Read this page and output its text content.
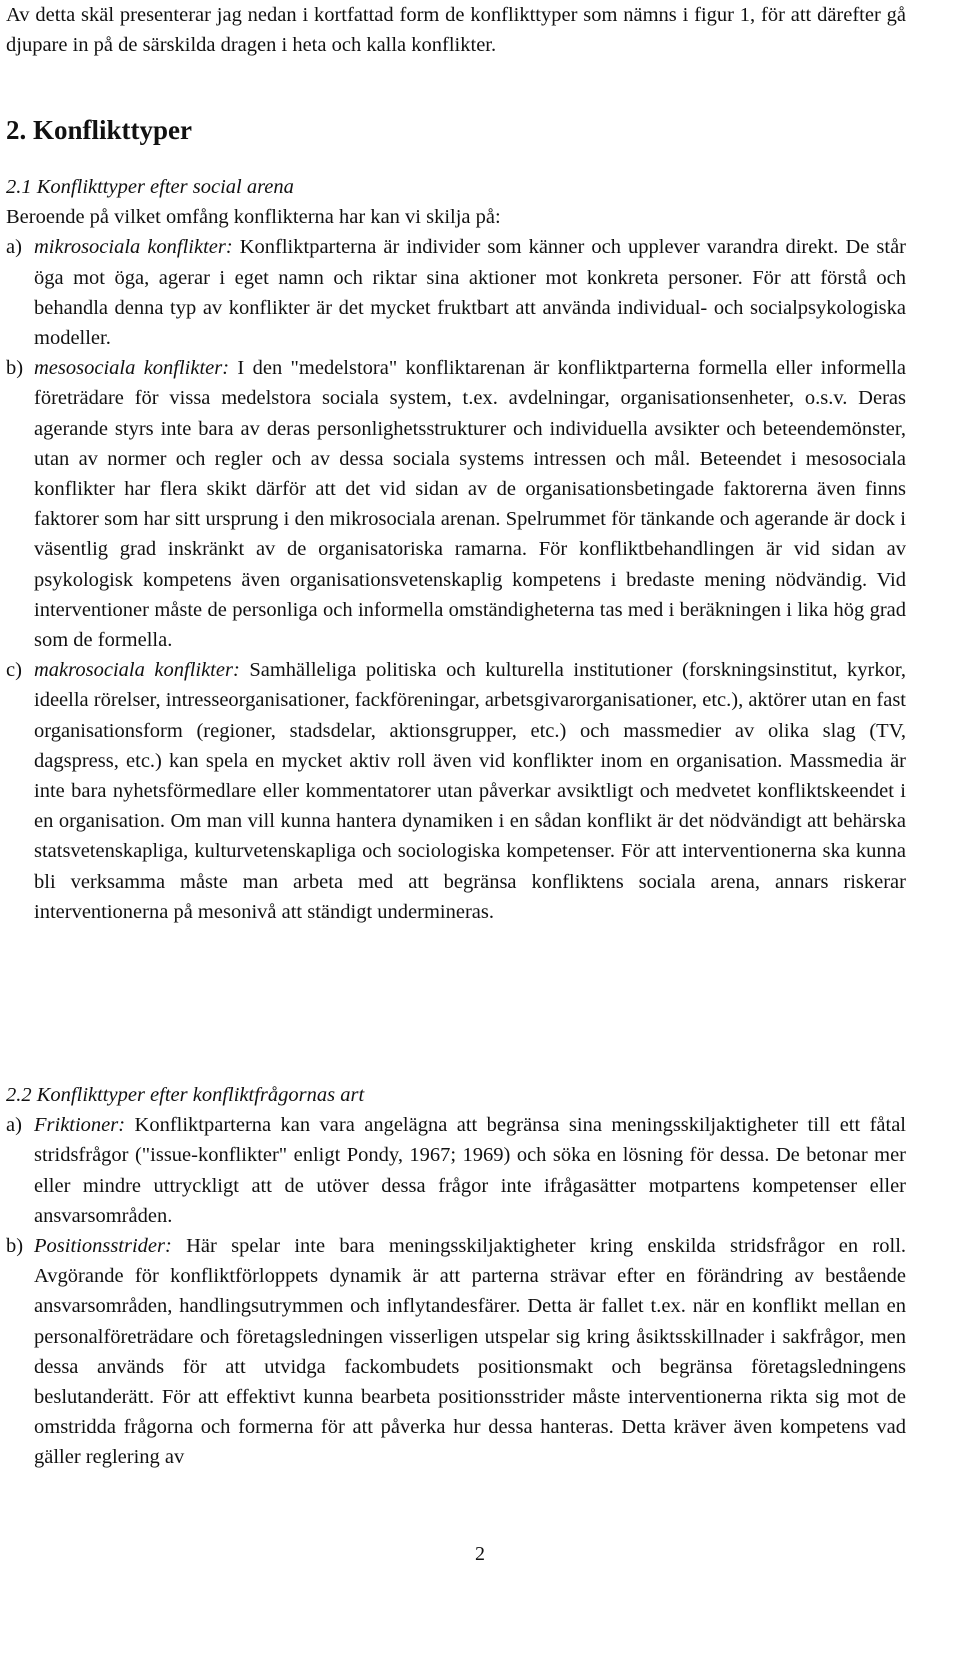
Av detta skäl presenterar jag nedan i kortfattad form de konflikttyper som nämns i figur 1, för att därefter gå djupare in på de särskilda dragen i heta och kalla konflikter.

2. Konflikttyper

2.1 Konflikttyper efter social arena

Beroende på vilket omfång konflikterna har kan vi skilja på:

a) mikrosociala konflikter: Konfliktparterna är individer som känner och upplever varandra direkt. De står öga mot öga, agerar i eget namn och riktar sina aktioner mot konkreta personer. För att förstå och behandla denna typ av konflikter är det mycket fruktbart att använda individual- och socialpsykologiska modeller.
b) mesosociala konflikter: I den "medelstora" konfliktarenan är konfliktparterna formella eller informella företrädare för vissa medelstora sociala system, t.ex. avdelningar, organisationsenheter, o.s.v. Deras agerande styrs inte bara av deras personlighetsstrukturer och individuella avsikter och beteendemönster, utan av normer och regler och av dessa sociala systems intressen och mål. Beteendet i mesosociala konflikter har flera skikt därför att det vid sidan av de organisationsbetingade faktorerna även finns faktorer som har sitt ursprung i den mikrosociala arenan. Spelrummet för tänkande och agerande är dock i väsentlig grad inskränkt av de organisatoriska ramarna. För konfliktbehandlingen är vid sidan av psykologisk kompetens även organisationsvetenskaplig kompetens i bredaste mening nödvändig. Vid interventioner måste de personliga och informella omständigheterna tas med i beräkningen i lika hög grad som de formella.
c) makrosociala konflikter: Samhälleliga politiska och kulturella institutioner (forskningsinstitut, kyrkor, ideella rörelser, intresseorganisationer, fackföreningar, arbetsgivarorganisationer, etc.), aktörer utan en fast organisationsform (regioner, stadsdelar, aktionsgrupper, etc.) och massmedier av olika slag (TV, dagspress, etc.) kan spela en mycket aktiv roll även vid konflikter inom en organisation. Massmedia är inte bara nyhetsförmedlare eller kommentatorer utan påverkar avsiktligt och medvetet konfliktskeendet i en organisation. Om man vill kunna hantera dynamiken i en sådan konflikt är det nödvändigt att behärska statsvetenskapliga, kulturvetenskapliga och sociologiska kompetenser. För att interventionerna ska kunna bli verksamma måste man arbeta med att begränsa konfliktens sociala arena, annars riskerar interventionerna på mesonivå att ständigt undermineras.

2.2 Konflikttyper efter konfliktfrågornas art

a) Friktioner: Konfliktparterna kan vara angelägna att begränsa sina meningsskiljaktigheter till ett fåtal stridsfrågor ("issue-konflikter" enligt Pondy, 1967; 1969) och söka en lösning för dessa. De betonar mer eller mindre uttryckligt att de utöver dessa frågor inte ifrågasätter motpartens kompetenser eller ansvarsområden.
b) Positionsstrider: Här spelar inte bara meningsskiljaktigheter kring enskilda stridsfrågor en roll. Avgörande för konfliktförloppets dynamik är att parterna strävar efter en förändring av bestående ansvarsområden, handlingsutrymmen och inflytandesfärer. Detta är fallet t.ex. när en konflikt mellan en personalföreträdare och företagsledningen visserligen utspelar sig kring åsiktsskillnader i sakfrågor, men dessa används för att utvidga fackombudets positionsmakt och begränsa företagsledningens beslutanderätt. För att effektivt kunna bearbeta positionsstrider måste interventionerna rikta sig mot de omstridda frågorna och formerna för att påverka hur dessa hanteras. Detta kräver även kompetens vad gäller reglering av
2
